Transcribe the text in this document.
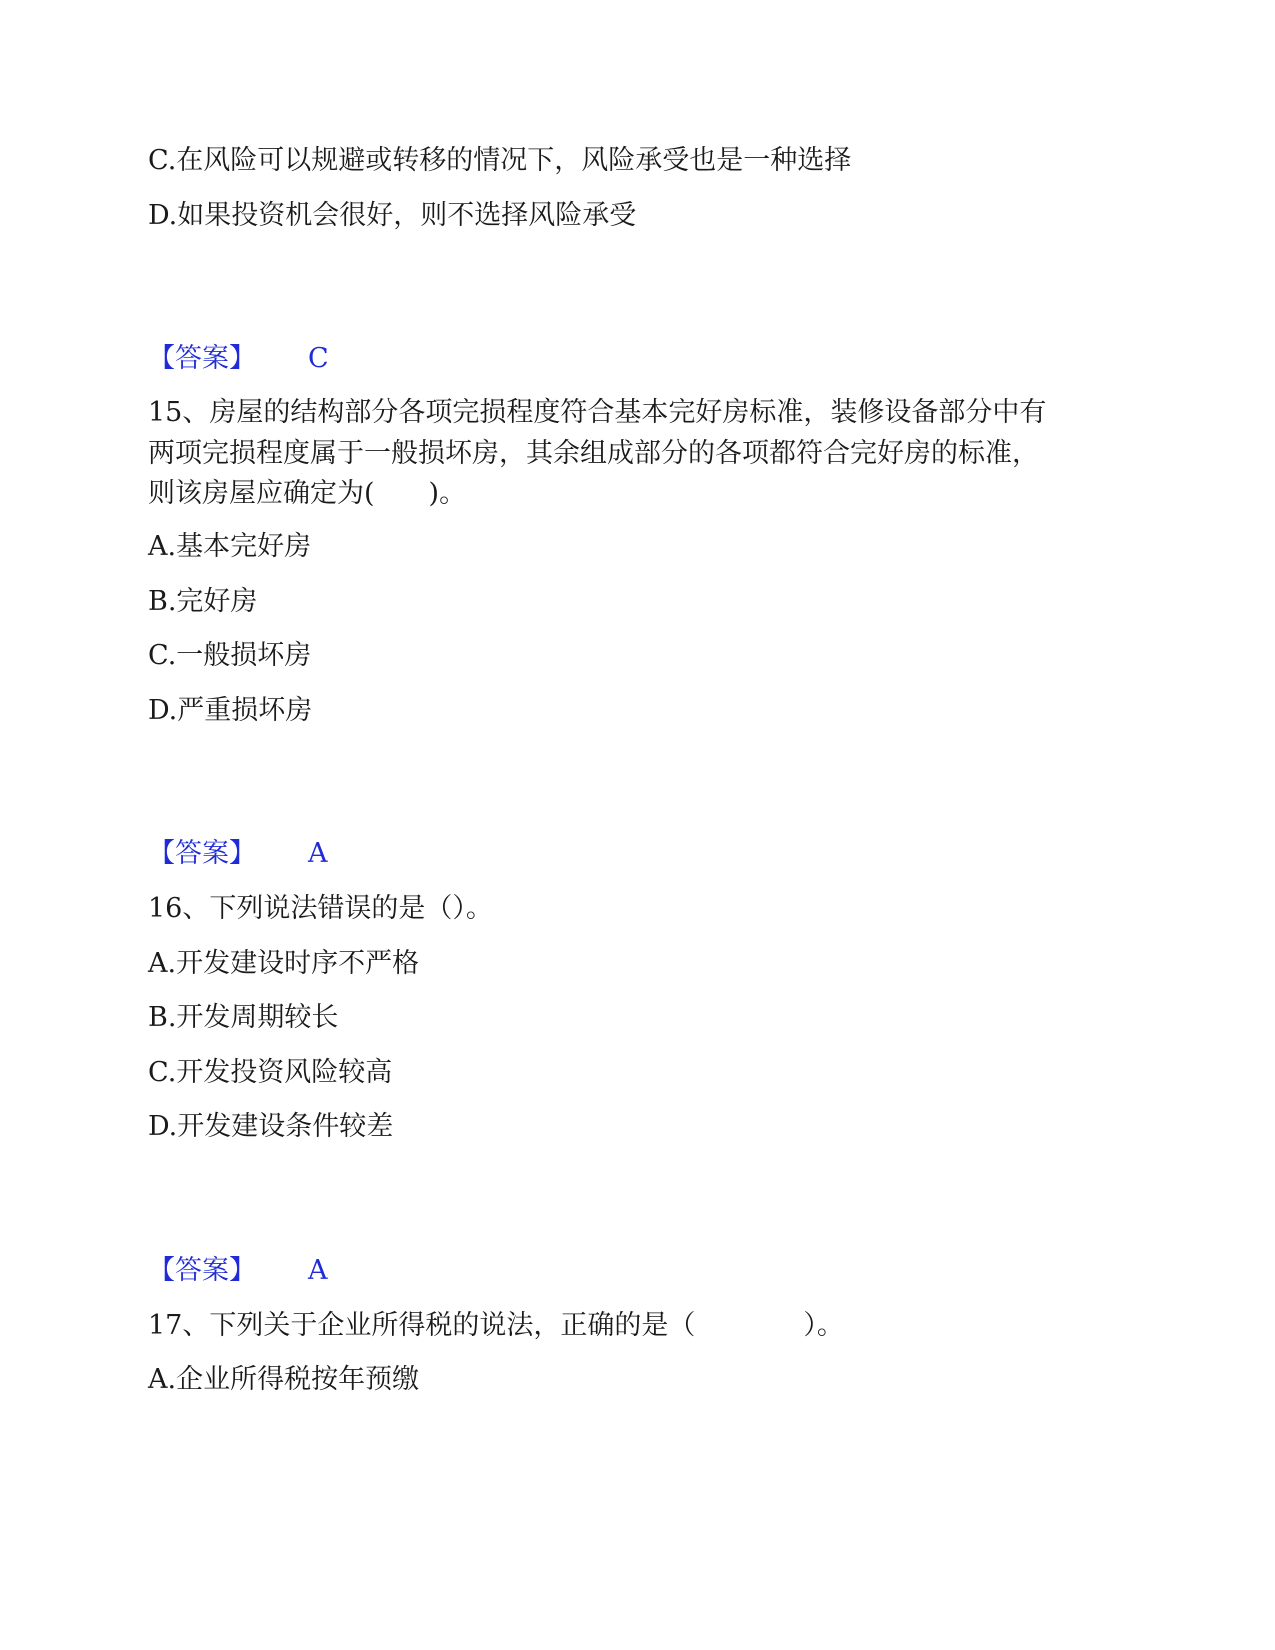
C.在风险可以规避或转移的情况下，风险承受也是一种选择
D.如果投资机会很好，则不选择风险承受
【答案】 C
15、房屋的结构部分各项完损程度符合基本完好房标准，装修设备部分中有
两项完损程度属于一般损坏房，其余组成部分的各项都符合完好房的标准，
则该房屋应确定为(　　)。
A.基本完好房
B.完好房
C.一般损坏房
D.严重损坏房
【答案】 A
16、下列说法错误的是（）。
A.开发建设时序不严格
B.开发周期较长
C.开发投资风险较高
D.开发建设条件较差
【答案】 A
17、下列关于企业所得税的说法，正确的是（　　　　）。
A.企业所得税按年预缴
